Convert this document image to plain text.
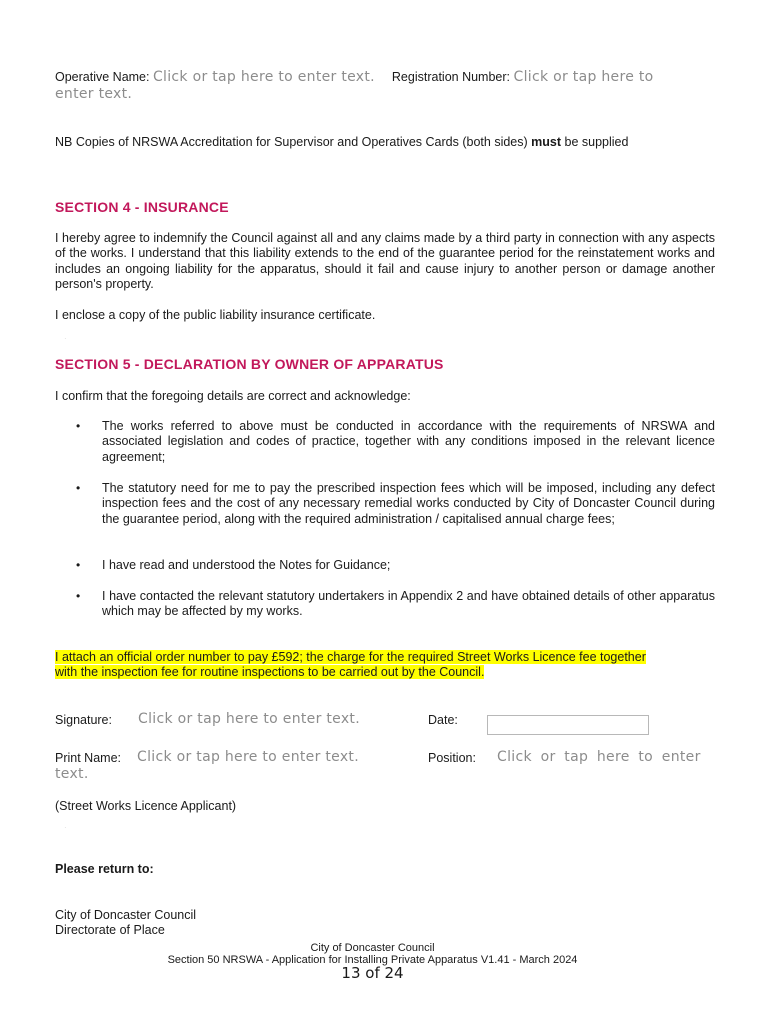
Operative Name: Click or tap here to enter text. Registration Number: Click or tap here to
enter text.
NB Copies of NRSWA Accreditation for Supervisor and Operatives Cards (both sides) must be supplied
SECTION 4 - INSURANCE
I hereby agree to indemnify the Council against all and any claims made by a third party in connection with any aspects of the works. I understand that this liability extends to the end of the guarantee period for the reinstatement works and includes an ongoing liability for the apparatus, should it fail and cause injury to another person or damage another person's property.
I enclose a copy of the public liability insurance certificate.
·
SECTION 5 - DECLARATION BY OWNER OF APPARATUS
I confirm that the foregoing details are correct and acknowledge:
• The works referred to above must be conducted in accordance with the requirements of NRSWA and associated legislation and codes of practice, together with any conditions imposed in the relevant licence agreement;
• The statutory need for me to pay the prescribed inspection fees which will be imposed, including any defect inspection fees and the cost of any necessary remedial works conducted by City of Doncaster Council during the guarantee period, along with the required administration / capitalised annual charge fees;
• I have read and understood the Notes for Guidance;
• I have contacted the relevant statutory undertakers in Appendix 2 and have obtained details of other apparatus which may be affected by my works.
I attach an official order number to pay £592; the charge for the required Street Works Licence fee together
with the inspection fee for routine inspections to be carried out by the Council.
Signature: Click or tap here to enter text.	Date:
Print Name: Click or tap here to enter text.
text.
Position: Click or tap here to enter
(Street Works Licence Applicant)
·
Please return to:
City of Doncaster Council
Directorate of Place
City of Doncaster Council
Section 50 NRSWA - Application for Installing Private Apparatus V1.41 - March 2024
13 of 24
